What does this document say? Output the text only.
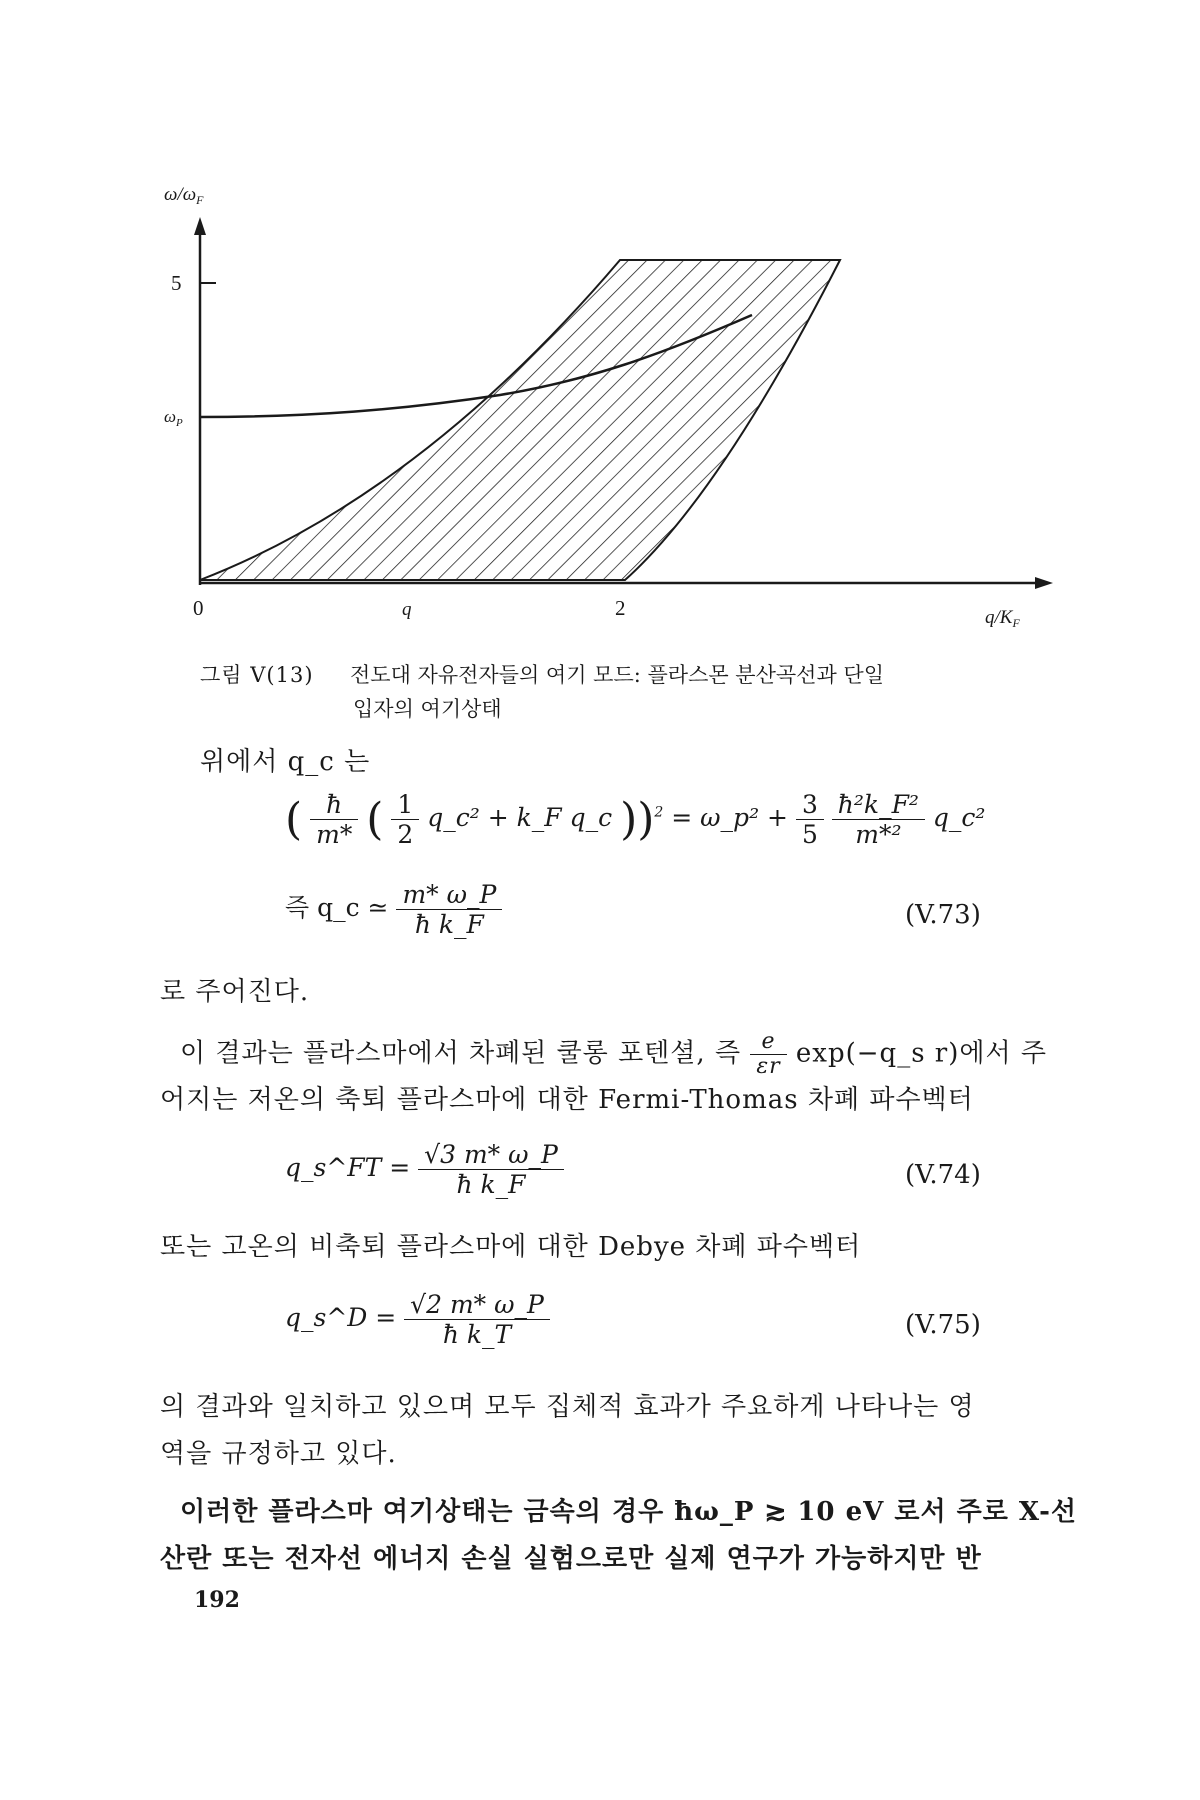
$\omega/\omega_F$
5
$\omega_P$
0	q	2	$q/K_F$
그림 V(13) 전도대 자유전자들의 여기 모드: 플라스몬 분산곡선과 단일
입자의 여기상태
위에서 q_c 는
( $\frac{ħ}{m*}$ ( $\frac{1}{2}$ q_c² + k_F q_c ))$^2$ = ω_p² + $\frac{3}{5}$
$\frac{\text{ħ²k\_F²}}{\text{m*²}}$ q_c²
즉 q_c ≃ $\frac{m* \omega\_P}{\text{ħ k\_F}}$	(V.73)
로 주어진다.
이 결과는 플라스마에서 차폐된 쿨롱 포텐셜, 즉 $\frac{e}{\varepsilon r}$ exp(−q_s r)에서 주
어지는 저온의 축퇴 플라스마에 대한 Fermi-Thomas 차폐 파수벡터
q_s^FT = $\frac{√3 m* \omega\_P}{\text{ħ k\_F}}$	(V.74)
또는 고온의 비축퇴 플라스마에 대한 Debye 차폐 파수벡터
q_s^D = $\frac{√2 m* \omega\_P}{\text{ħ k\_T}}$	(V.75)
의 결과와 일치하고 있으며 모두 집체적 효과가 주요하게 나타나는 영
역을 규정하고 있다.
이러한 플라스마 여기상태는 금속의 경우 ħω_P ≳ 10 eV 로서 주로 X-선
산란 또는 전자선 에너지 손실 실험으로만 실제 연구가 가능하지만 반
192
